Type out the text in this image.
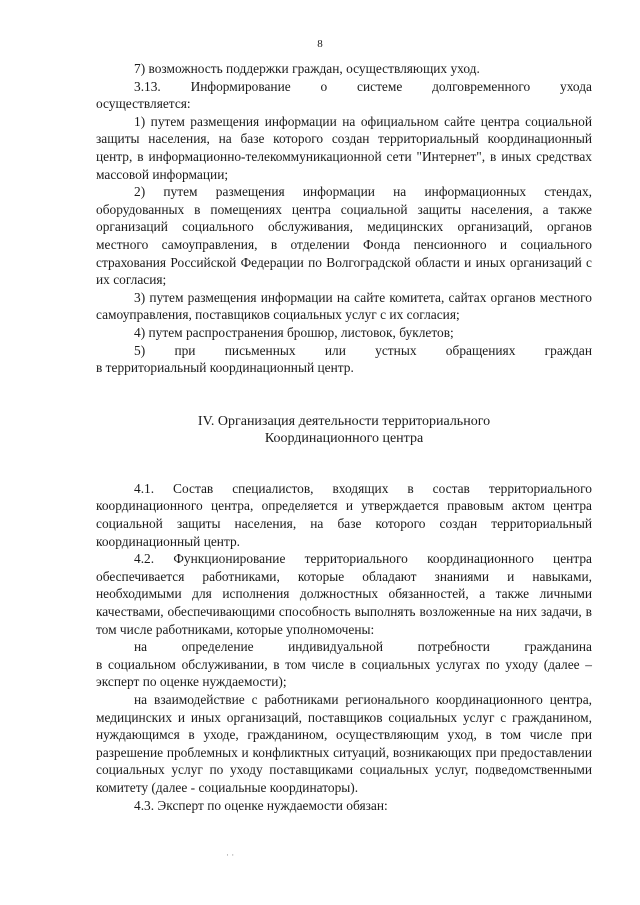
8

7) возможность поддержки граждан, осуществляющих уход.

3.13. Информирование о системе долговременного ухода

осуществляется:

1) путем размещения информации на официальном сайте центра социальной защиты населения, на базе которого создан территориальный координационный центр, в информационно-телекоммуникационной сети "Интернет", в иных средствах массовой информации;

2) путем размещения информации на информационных стендах, оборудованных в помещениях центра социальной защиты населения, а также организаций социального обслуживания, медицинских организаций, органов местного самоуправления, в отделении Фонда пенсионного и социального страхования Российской Федерации по Волгоградской области и иных организаций с их согласия;

3) путем размещения информации на сайте комитета, сайтах органов местного самоуправления, поставщиков социальных услуг с их согласия;

4) путем распространения брошюр, листовок, буклетов;

5) при письменных или устных обращениях граждан

в территориальный координационный центр.

IV. Организация деятельности территориального

Координационного центра

4.1. Состав специалистов, входящих в состав территориального координационного центра, определяется и утверждается правовым актом центра социальной защиты населения, на базе которого создан территориальный координационный центр.

4.2. Функционирование территориального координационного центра обеспечивается работниками, которые обладают знаниями и навыками, необходимыми для исполнения должностных обязанностей, а также личными качествами, обеспечивающими способность выполнять возложенные на них задачи, в том числе работниками, которые уполномочены:

на определение индивидуальной потребности гражданина

в социальном обслуживании, в том числе в социальных услугах по уходу (далее – эксперт по оценке нуждаемости);

на взаимодействие с работниками регионального координационного центра, медицинских и иных организаций, поставщиков социальных услуг с гражданином, нуждающимся в уходе, гражданином, осуществляющим уход, в том числе при разрешение проблемных и конфликтных ситуаций, возникающих при предоставлении социальных услуг по уходу поставщиками социальных услуг, подведомственными комитету (далее - социальные координаторы).

4.3. Эксперт по оценке нуждаемости обязан:

· ·
